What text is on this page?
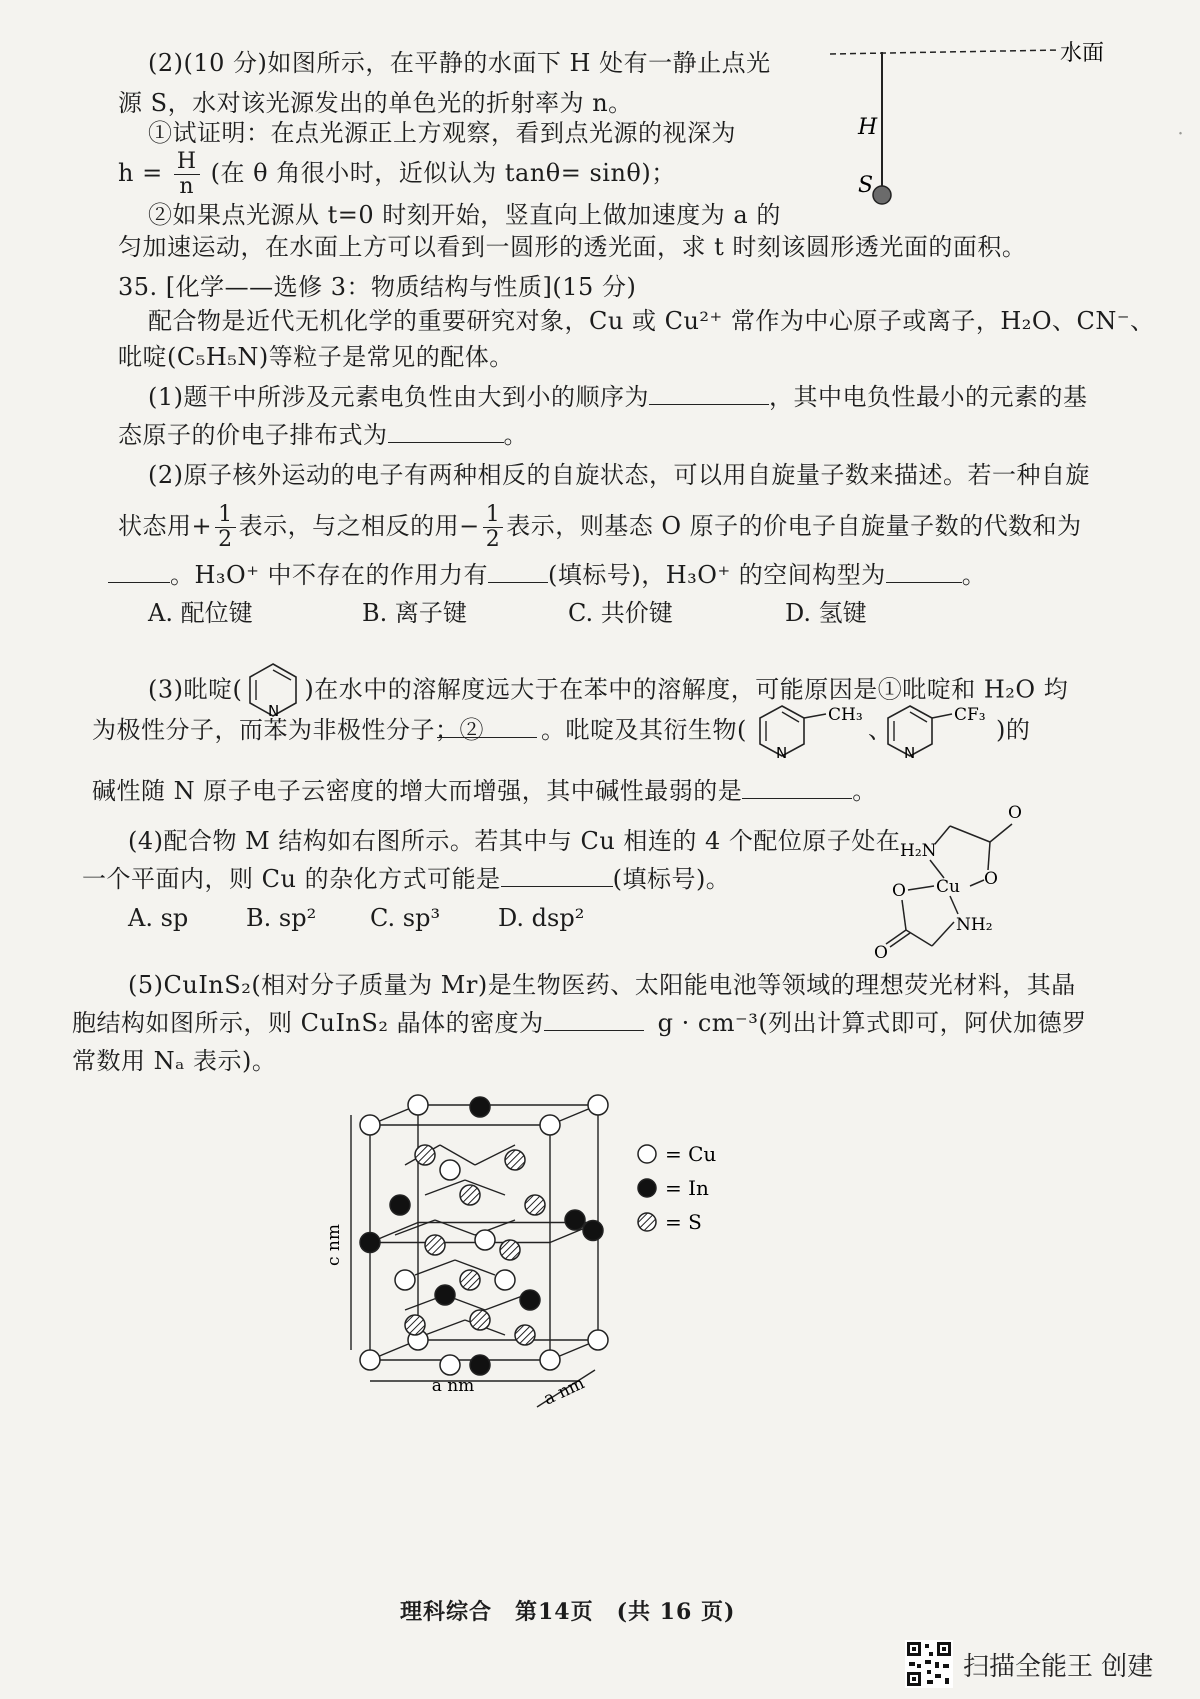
˙
(2)(10 分)如图所示，在平静的水面下 H 处有一静止点光
源 S，水对该光源发出的单色光的折射率为 n。
①试证明：在点光源正上方观察，看到点光源的视深为
$h = \frac{H}{n}$ (在 θ 角很小时，近似认为 tanθ= sinθ)；
②如果点光源从 t=0 时刻开始，竖直向上做加速度为 a 的
匀加速运动，在水面上方可以看到一圆形的透光面，求 t 时刻该圆形透光面的面积。
水面
H
S
35. [化学——选修 3：物质结构与性质](15 分)
配合物是近代无机化学的重要研究对象，Cu 或 Cu²⁺ 常作为中心原子或离子，H₂O、CN⁻、
吡啶(C₅H₅N)等粒子是常见的配体。
(1)题干中所涉及元素电负性由大到小的顺序为	，其中电负性最小的元素的基
态原子的价电子排布式为	。
(2)原子核外运动的电子有两种相反的自旋状态，可以用自旋量子数来描述。若一种自旋
状态用+ $\frac{1}{2}$ 表示，与之相反的用− $\frac{1}{2}$ 表示，则基态 O 原子的价电子自旋量子数的代数和为
。H₃O⁺ 中不存在的作用力有	(填标号)，H₃O⁺ 的空间构型为	。
A. 配位键	B. 离子键	C. 共价键	D. 氢键
(3)吡啶(
N
)在水中的溶解度远大于在苯中的溶解度，可能原因是①吡啶和 H₂O 均
为极性分子，而苯为非极性分子；② 。吡啶及其衍生物(
N
CH₃
、
N
CF₃
)的
碱性随 N 原子电子云密度的增大而增强，其中碱性最弱的是	。
(4)配合物 M 结构如右图所示。若其中与 Cu 相连的 4 个配位原子处在
一个平面内，则 Cu 的杂化方式可能是	(填标号)。
A. sp B. sp² C. sp³ D. dsp²
O
H₂N
O
Cu
O
O
NH₂
(5)CuInS₂(相对分子质量为 Mr)是生物医药、太阳能电池等领域的理想荧光材料，其晶
胞结构如图所示，则 CuInS₂ 晶体的密度为	g · cm⁻³(列出计算式即可，阿伏加德罗
常数用 Nₐ 表示)。
c nm
a nm	a nm
= Cu
= In
= S
理科综合　第14页　(共 16 页)
扫描全能王 创建
